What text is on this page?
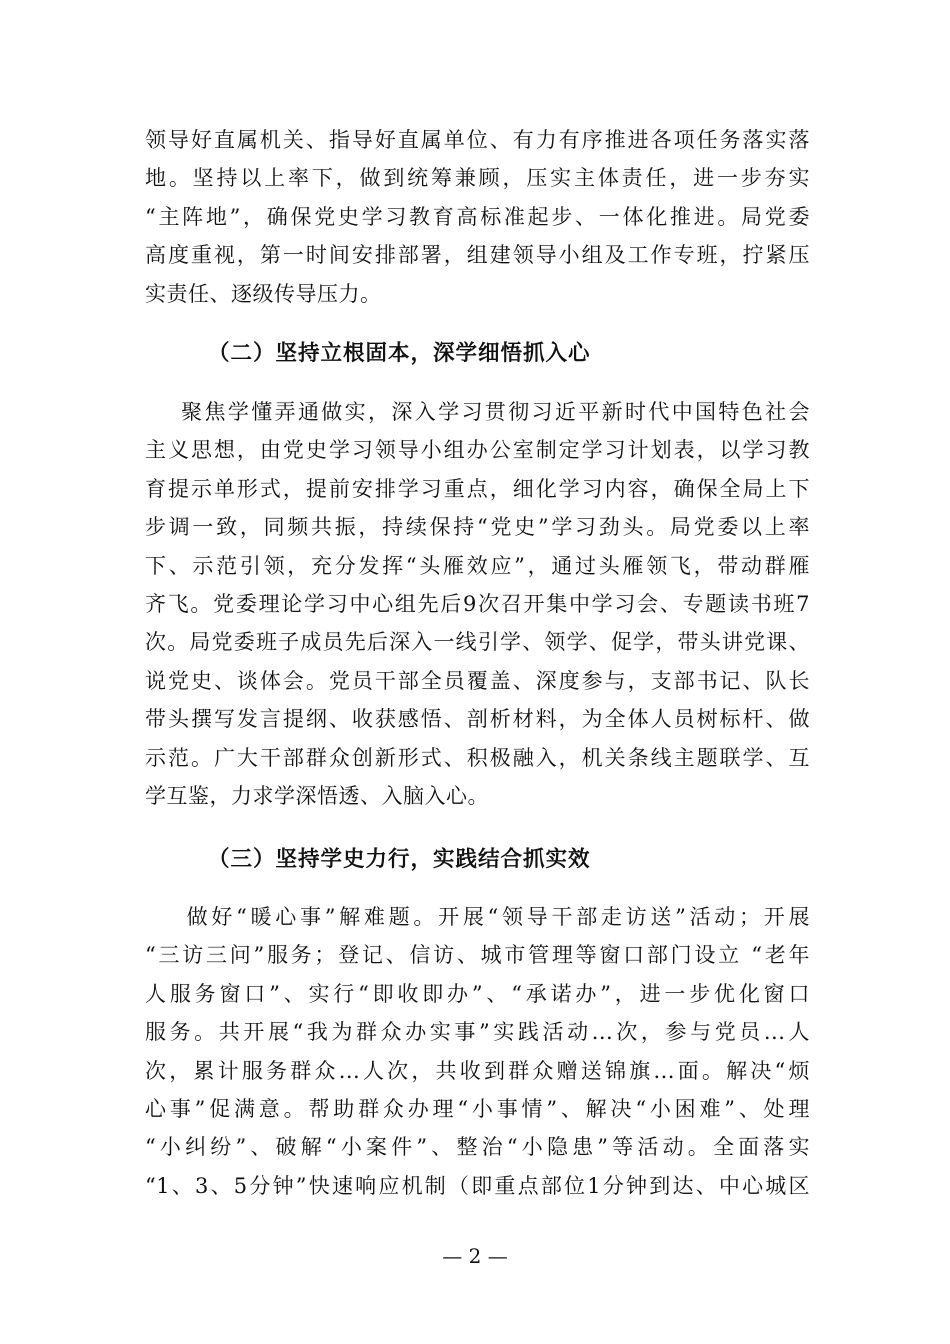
领导好直属机关、指导好直属单位、有力有序推进各项任务落实落
地。坚持以上率下，做到统筹兼顾，压实主体责任，进一步夯实
“主阵地”，确保党史学习教育高标准起步、一体化推进。局党委
高度重视，第一时间安排部署，组建领导小组及工作专班，拧紧压
实责任、逐级传导压力。
（二）坚持立根固本，深学细悟抓入心
聚焦学懂弄通做实，深入学习贯彻习近平新时代中国特色社会
主义思想，由党史学习领导小组办公室制定学习计划表，以学习教
育提示单形式，提前安排学习重点，细化学习内容，确保全局上下
步调一致，同频共振，持续保持“党史”学习劲头。局党委以上率
下、示范引领，充分发挥“头雁效应”，通过头雁领飞，带动群雁
齐飞。党委理论学习中心组先后9次召开集中学习会、专题读书班7
次。局党委班子成员先后深入一线引学、领学、促学，带头讲党课、
说党史、谈体会。党员干部全员覆盖、深度参与，支部书记、队长
带头撰写发言提纲、收获感悟、剖析材料，为全体人员树标杆、做
示范。广大干部群众创新形式、积极融入，机关条线主题联学、互
学互鉴，力求学深悟透、入脑入心。
（三）坚持学史力行，实践结合抓实效
做好“暖心事”解难题。开展“领导干部走访送”活动；开展
“三访三问”服务；登记、信访、城市管理等窗口部门设立 “老年
人服务窗口”、实行“即收即办”、“承诺办”，进一步优化窗口
服务。共开展“我为群众办实事”实践活动...次，参与党员...人
次，累计服务群众...人次，共收到群众赠送锦旗...面。解决“烦
心事”促满意。帮助群众办理“小事情”、解决“小困难”、处理
“小纠纷”、破解“小案件”、整治“小隐患”等活动。全面落实
“1、3、5分钟”快速响应机制（即重点部位1分钟到达、中心城区
— 2 —
